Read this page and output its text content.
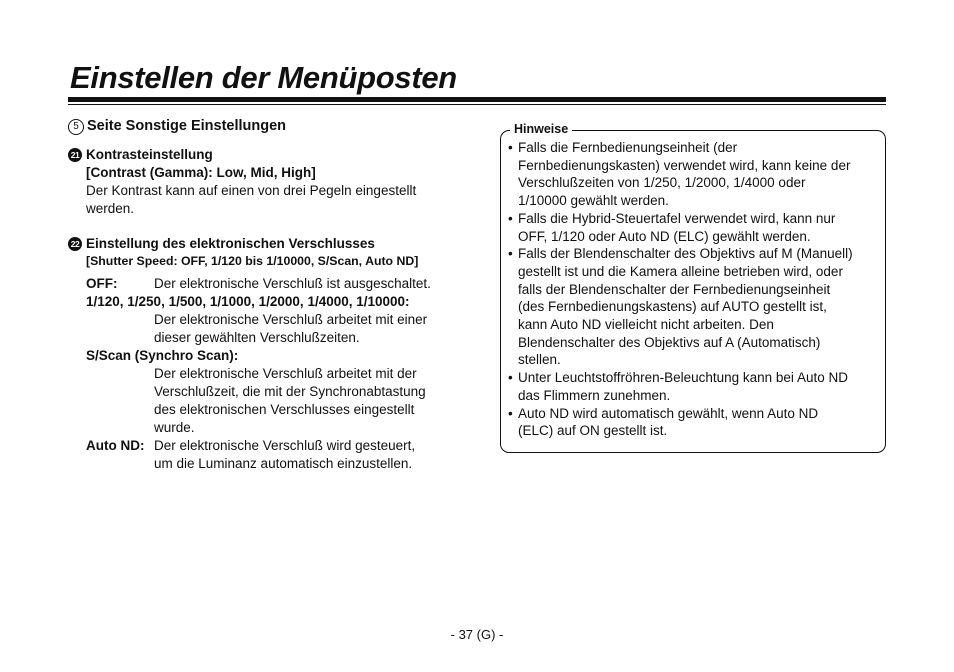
Einstellen der Menüposten
5 Seite Sonstige Einstellungen
21 Kontrasteinstellung
[Contrast (Gamma): Low, Mid, High]
Der Kontrast kann auf einen von drei Pegeln eingestellt
werden.
22 Einstellung des elektronischen Verschlusses
[Shutter Speed: OFF, 1/120 bis 1/10000, S/Scan, Auto ND]
OFF:	Der elektronische Verschluß ist ausgeschaltet.
1/120, 1/250, 1/500, 1/1000, 1/2000, 1/4000, 1/10000:
Der elektronische Verschluß arbeitet mit einer
dieser gewählten Verschlußzeiten.
S/Scan (Synchro Scan):
Der elektronische Verschluß arbeitet mit der
Verschlußzeit, die mit der Synchronabtastung
des elektronischen Verschlusses eingestellt
wurde.
Auto ND: Der elektronische Verschluß wird gesteuert,
um die Luminanz automatisch einzustellen.
Hinweise
• Falls die Fernbedienungseinheit (der
Fernbedienungskasten) verwendet wird, kann keine der
Verschlußzeiten von 1/250, 1/2000, 1/4000 oder
1/10000 gewählt werden.
• Falls die Hybrid-Steuertafel verwendet wird, kann nur
OFF, 1/120 oder Auto ND (ELC) gewählt werden.
• Falls der Blendenschalter des Objektivs auf M (Manuell)
gestellt ist und die Kamera alleine betrieben wird, oder
falls der Blendenschalter der Fernbedienungseinheit
(des Fernbedienungskastens) auf AUTO gestellt ist,
kann Auto ND vielleicht nicht arbeiten. Den
Blendenschalter des Objektivs auf A (Automatisch)
stellen.
• Unter Leuchtstoffröhren-Beleuchtung kann bei Auto ND
das Flimmern zunehmen.
• Auto ND wird automatisch gewählt, wenn Auto ND
(ELC) auf ON gestellt ist.
- 37 (G) -
